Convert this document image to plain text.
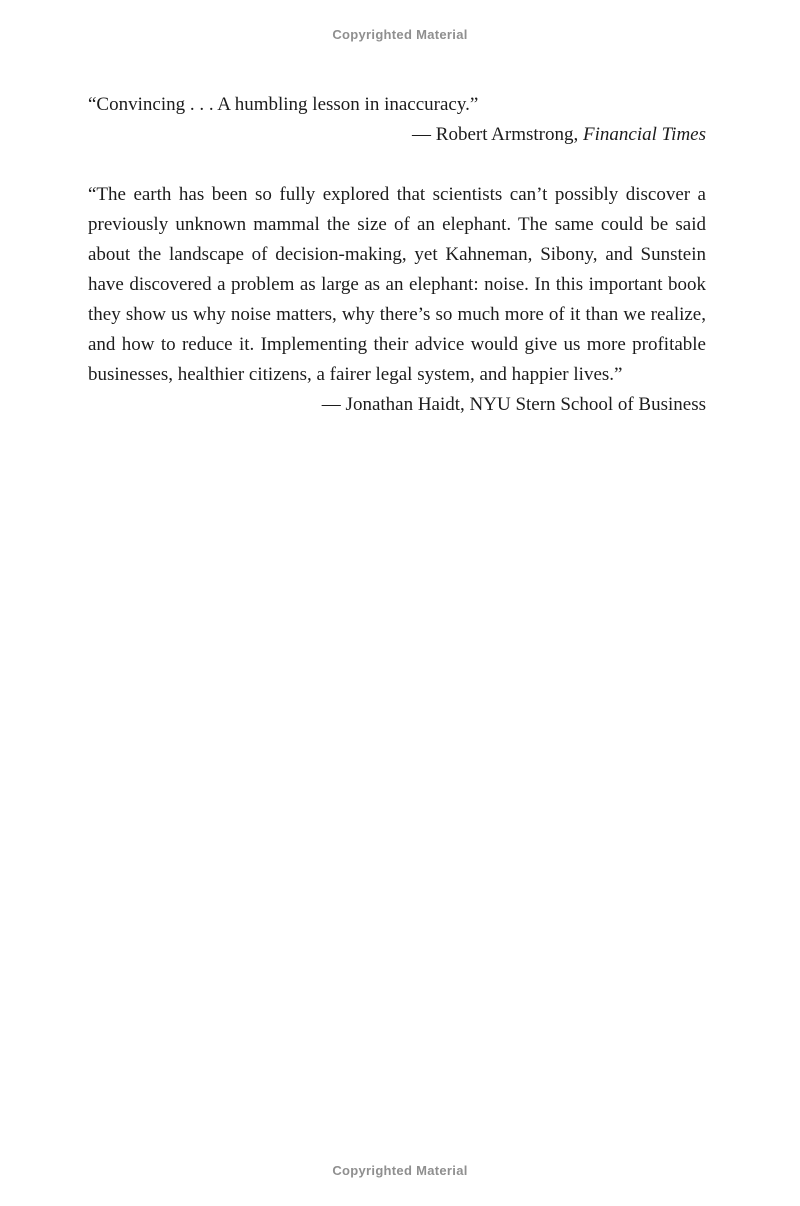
Copyrighted Material

“Convincing . . . A humbling lesson in inaccuracy.”

— Robert Armstrong, Financial Times

“The earth has been so fully explored that scientists can’t possibly discover a previously unknown mammal the size of an elephant. The same could be said about the landscape of decision-making, yet Kahneman, Sibony, and Sunstein have discovered a problem as large as an elephant: noise. In this important book they show us why noise matters, why there’s so much more of it than we realize, and how to reduce it. Implementing their advice would give us more profitable businesses, healthier citizens, a fairer legal system, and happier lives.”

— Jonathan Haidt, NYU Stern School of Business

Copyrighted Material
